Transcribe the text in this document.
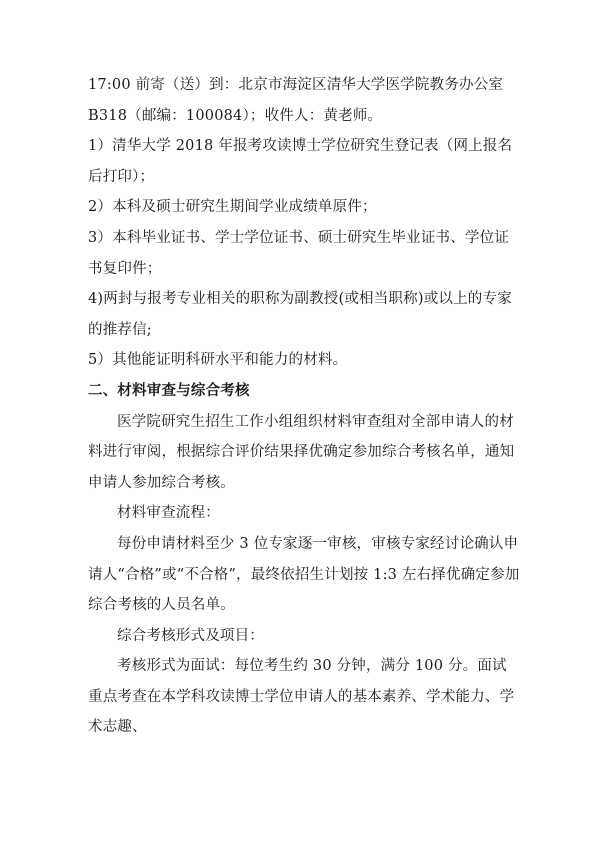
17:00 前寄（送）到：北京市海淀区清华大学医学院教务办公室 B318（邮编：100084）；收件人：黄老师。

1）清华大学 2018 年报考攻读博士学位研究生登记表（网上报名后打印）；

2）本科及硕士研究生期间学业成绩单原件；

3）本科毕业证书、学士学位证书、硕士研究生毕业证书、学位证书复印件；

4)两封与报考专业相关的职称为副教授(或相当职称)或以上的专家的推荐信;

5）其他能证明科研水平和能力的材料。

二、材料审查与综合考核

医学院研究生招生工作小组组织材料审查组对全部申请人的材料进行审阅，根据综合评价结果择优确定参加综合考核名单，通知申请人参加综合考核。

材料审查流程：

每份申请材料至少 3 位专家逐一审核，审核专家经讨论确认申请人“合格”或“不合格”，最终依招生计划按 1:3 左右择优确定参加综合考核的人员名单。

综合考核形式及项目：

考核形式为面试：每位考生约 30 分钟，满分 100 分。面试重点考查在本学科攻读博士学位申请人的基本素养、学术能力、学术志趣、
